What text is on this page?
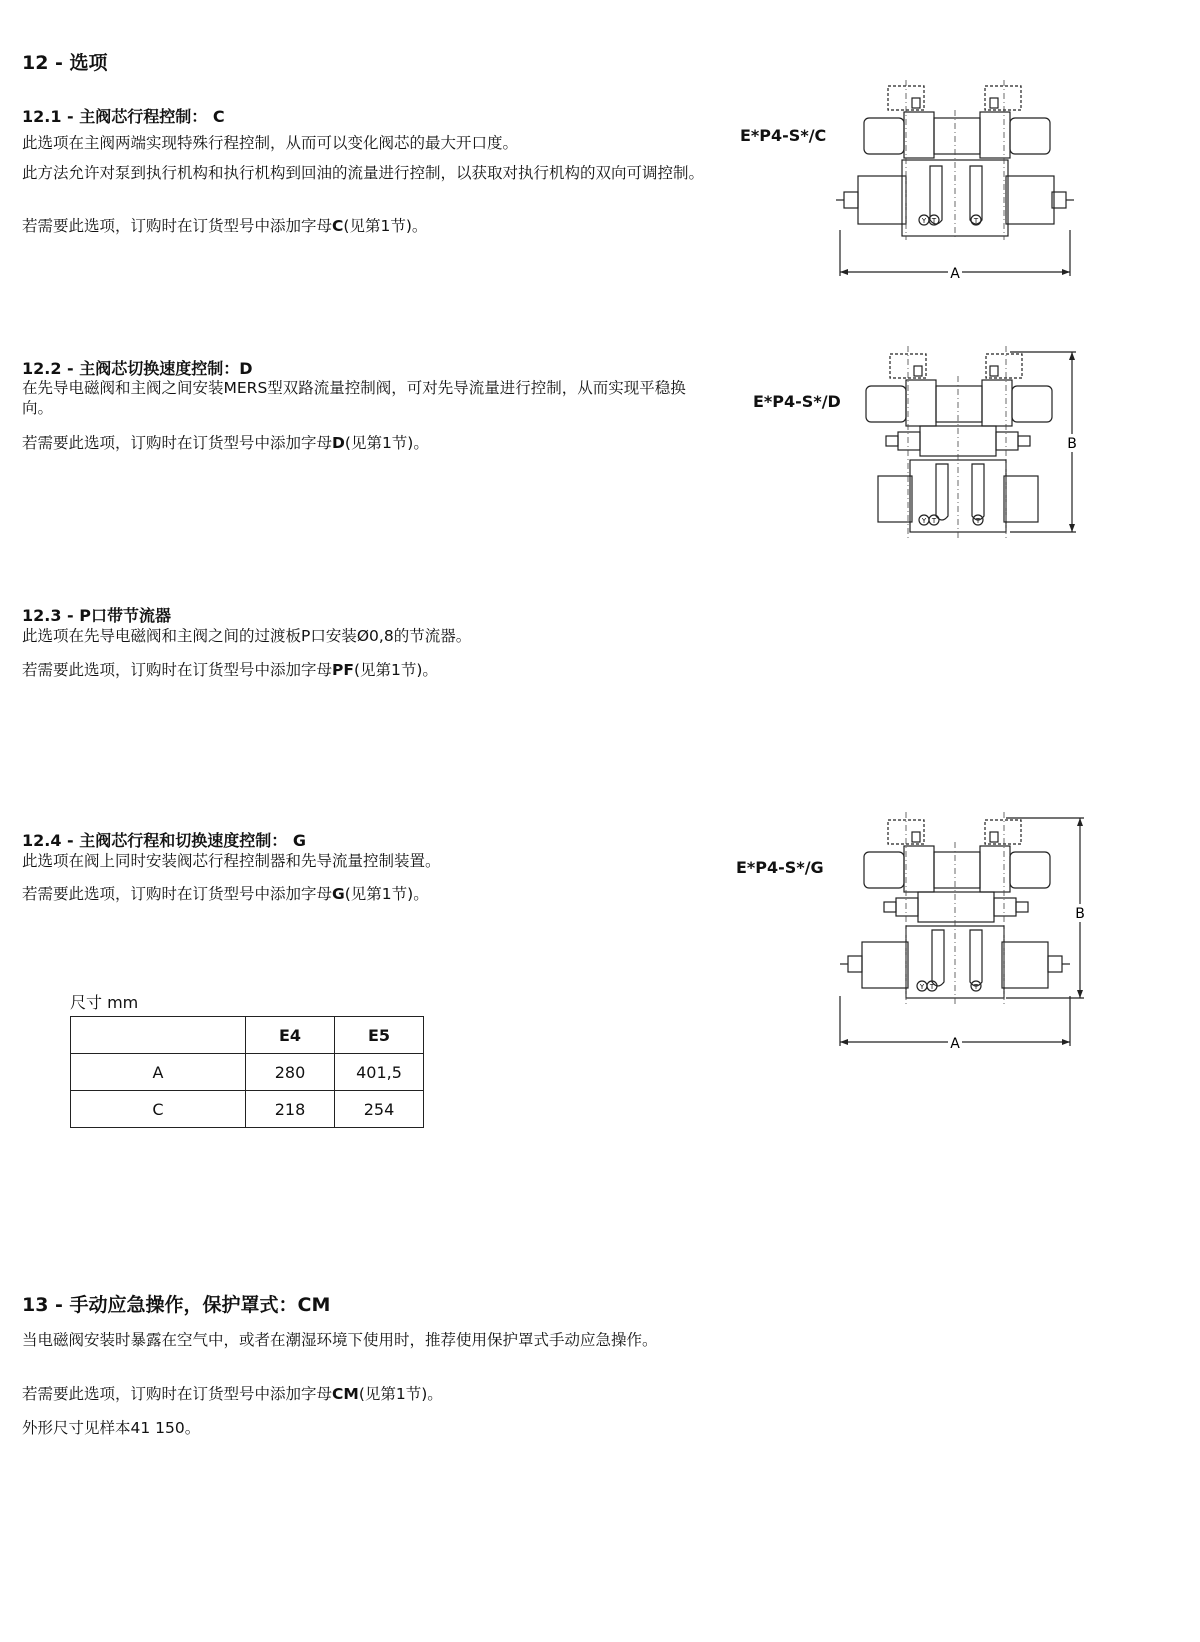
12 - 选项
12.1 - 主阀芯行程控制： C
此选项在主阀两端实现特殊行程控制，从而可以变化阀芯的最大开口度。
此方法允许对泵到执行机构和执行机构到回油的流量进行控制，以获取对执行机构的双向可调控制。
若需要此选项，订购时在订货型号中添加字母C(见第1节)。
12.2 - 主阀芯切换速度控制：D
在先导电磁阀和主阀之间安装MERS型双路流量控制阀，可对先导流量进行控制，从而实现平稳换向。
若需要此选项，订购时在订货型号中添加字母D(见第1节)。
12.3 - P口带节流器
此选项在先导电磁阀和主阀之间的过渡板P口安装Ø0,8的节流器。
若需要此选项，订购时在订货型号中添加字母PF(见第1节)。
12.4 - 主阀芯行程和切换速度控制： G
此选项在阀上同时安装阀芯行程控制器和先导流量控制装置。
若需要此选项，订购时在订货型号中添加字母G(见第1节)。
尺寸 mm
	E4	E5
A	280	401,5
C	218	254
13 - 手动应急操作，保护罩式：CM
当电磁阀安装时暴露在空气中，或者在潮湿环境下使用时，推荐使用保护罩式手动应急操作。
若需要此选项，订购时在订货型号中添加字母CM(见第1节)。
外形尺寸见样本41 150。
E*P4-S*/C
A
Y T	T
E*P4-S*/D
B
Y T	T
E*P4-S*/G
B
A
Y T	T
